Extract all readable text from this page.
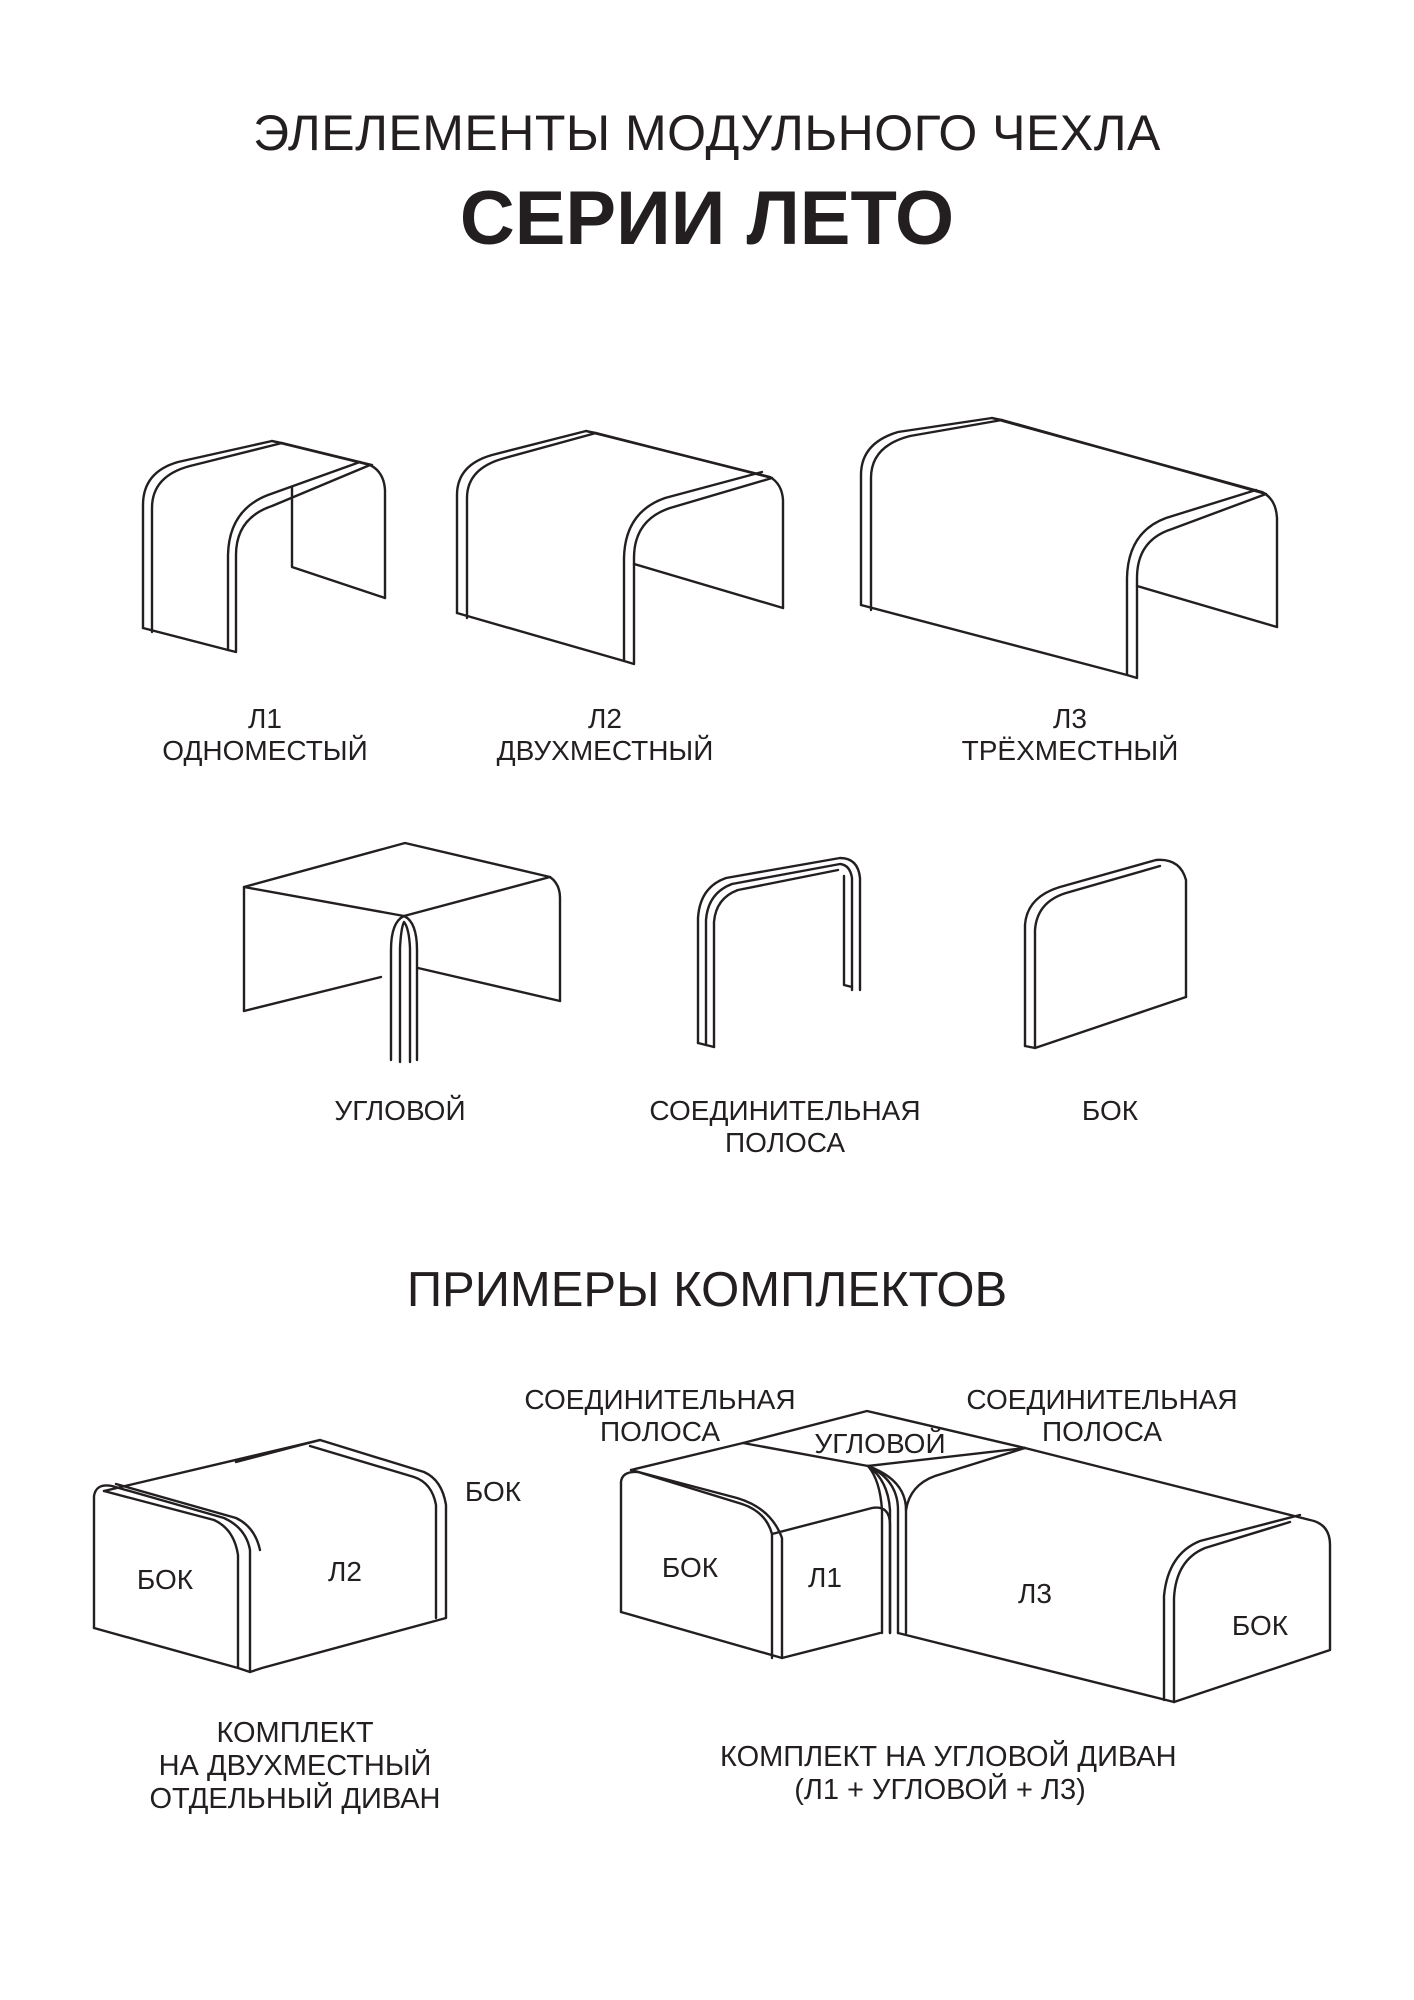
ЭЛЕЛЕМЕНТЫ МОДУЛЬНОГО ЧЕХЛА
СЕРИИ ЛЕТО
Л1
ОДНОМЕСТЫЙ
Л2
ДВУХМЕСТНЫЙ
Л3
ТРЁХМЕСТНЫЙ
УГЛОВОЙ	СОЕДИНИТЕЛЬНАЯ
ПОЛОСА
БОК
ПРИМЕРЫ КОМПЛЕКТОВ
БОК	Л2
БОК
КОМПЛЕКТ
НА ДВУХМЕСТНЫЙ
ОТДЕЛЬНЫЙ ДИВАН
СОЕДИНИТЕЛЬНАЯ
ПОЛОСА
СОЕДИНИТЕЛЬНАЯ
ПОЛОСА
УГЛОВОЙ
БОК	Л1
Л3
БОК
КОМПЛЕКТ НА УГЛОВОЙ ДИВАН
(Л1 + УГЛОВОЙ + Л3)
